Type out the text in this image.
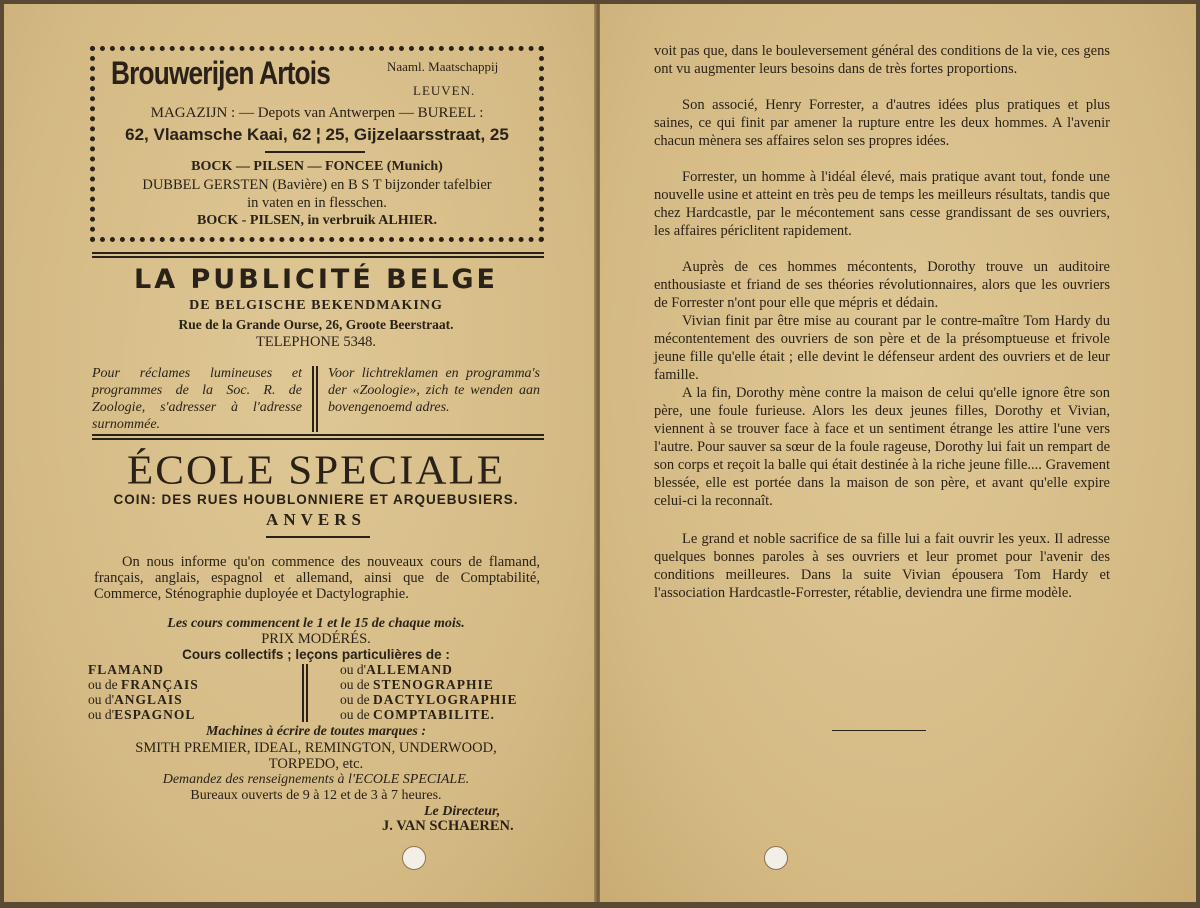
Brouwerijen Artois	Naaml. Maatschappij
LEUVEN.
MAGAZIJN : — Depots van Antwerpen — BUREEL :
62, Vlaamsche Kaai, 62 ¦ 25, Gijzelaarsstraat, 25
BOCK — PILSEN — FONCEE (Munich)
DUBBEL GERSTEN (Bavière) en B S T bijzonder tafelbier
in vaten en in flesschen.
BOCK - PILSEN, in verbruik ALHIER.
LA PUBLICITÉ BELGE
DE BELGISCHE BEKENDMAKING
Rue de la Grande Ourse, 26, Groote Beerstraat.
TELEPHONE 5348.
Pour réclames lumineuses et programmes de la Soc. R. de Zoologie, s'adresser à l'adresse surnommée.
Voor lichtreklamen en programma's der «Zoologie», zich te wenden aan bovengenoemd adres.
ÉCOLE SPECIALE
COIN: DES RUES HOUBLONNIERE ET ARQUEBUSIERS.
ANVERS
On nous informe qu'on commence des nouveaux cours de flamand, français, anglais, espagnol et allemand, ainsi que de Comptabilité, Commerce, Sténographie duployée et Dactylographie.
Les cours commencent le 1 et le 15 de chaque mois.
PRIX MODÉRÉS.
Cours collectifs ; leçons particulières de :
FLAMAND
ou de FRANÇAIS
ou d'ANGLAIS
ou d'ESPAGNOL
ou d'ALLEMAND
ou de STENOGRAPHIE
ou de DACTYLOGRAPHIE
ou de COMPTABILITE.
Machines à écrire de toutes marques :
SMITH PREMIER, IDEAL, REMINGTON, UNDERWOOD,
TORPEDO, etc.
Demandez des renseignements à l'ECOLE SPECIALE.
Bureaux ouverts de 9 à 12 et de 3 à 7 heures.
Le Directeur,
J. VAN SCHAEREN.

voit pas que, dans le bouleversement général des conditions de la vie, ces gens ont vu augmenter leurs besoins dans de très fortes proportions.

Son associé, Henry Forrester, a d'autres idées plus pratiques et plus saines, ce qui finit par amener la rupture entre les deux hommes. A l'avenir chacun mènera ses affaires selon ses propres idées.

Forrester, un homme à l'idéal élevé, mais pratique avant tout, fonde une nouvelle usine et atteint en très peu de temps les meilleurs résultats, tandis que chez Hardcastle, par le mécontement sans cesse grandissant de ses ouvriers, les affaires périclitent rapidement.

Auprès de ces hommes mécontents, Dorothy trouve un auditoire enthousiaste et friand de ses théories révolutionnaires, alors que les ouvriers de Forrester n'ont pour elle que mépris et dédain.

Vivian finit par être mise au courant par le contre-maître Tom Hardy du mécontentement des ouvriers de son père et de la présomptueuse et frivole jeune fille qu'elle était ; elle devint le défenseur ardent des ouvriers et de leur famille.

A la fin, Dorothy mène contre la maison de celui qu'elle ignore être son père, une foule furieuse. Alors les deux jeunes filles, Dorothy et Vivian, viennent à se trouver face à face et un sentiment étrange les attire l'une vers l'autre. Pour sauver sa sœur de la foule rageuse, Dorothy lui fait un rempart de son corps et reçoit la balle qui était destinée à la riche jeune fille.... Gravement blessée, elle est portée dans la maison de son père, et avant qu'elle expire celui-ci la reconnaît.

Le grand et noble sacrifice de sa fille lui a fait ouvrir les yeux. Il adresse quelques bonnes paroles à ses ouvriers et leur promet pour l'avenir des conditions meilleures. Dans la suite Vivian épousera Tom Hardy et l'association Hardcastle-Forrester, rétablie, deviendra une firme modèle.
